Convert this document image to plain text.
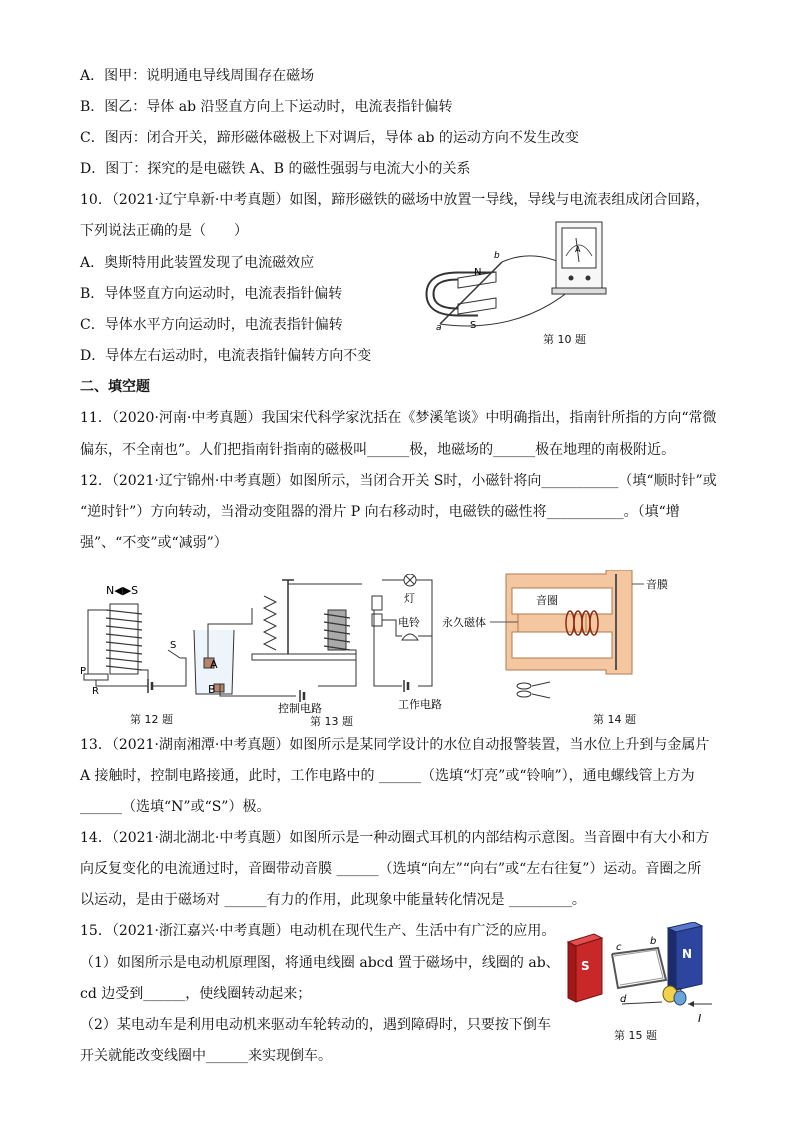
A．图甲：说明通电导线周围存在磁场
B．图乙：导体 ab 沿竖直方向上下运动时，电流表指针偏转
C．图丙：闭合开关，蹄形磁体磁极上下对调后，导体 ab 的运动方向不发生改变
D．图丁：探究的是电磁铁 A、B 的磁性强弱与电流大小的关系
10．（2021·辽宁阜新·中考真题）如图，蹄形磁铁的磁场中放置一导线，导线与电流表组成闭合回路，
下列说法正确的是（　　）
A．奥斯特用此装置发现了电流磁效应
B．导体竖直方向运动时，电流表指针偏转
C．导体水平方向运动时，电流表指针偏转
D．导体左右运动时，电流表指针偏转方向不变
N
S
a
b
A
第 10 题
二、填空题
11．（2020·河南·中考真题）我国宋代科学家沈括在《梦溪笔谈》中明确指出，指南针所指的方向“常微
偏东，不全南也”。人们把指南针指南的磁极叫______极，地磁场的______极在地理的南极附近。
12．（2021·辽宁锦州·中考真题）如图所示，当闭合开关 S时，小磁针将向___________（填“顺时针”或
“逆时针”）方向转动，当滑动变阻器的滑片 P 向右移动时，电磁铁的磁性将___________。（填“增
强”、“不变”或“减弱”）
N◀▶S
P
R
S
第 12 题
A
B
控制电路
灯
电铃
工作电路
第 13 题
音圈
音膜
永久磁体
第 14 题
13．（2021·湖南湘潭·中考真题）如图所示是某同学设计的水位自动报警装置，当水位上升到与金属片
A 接触时，控制电路接通，此时，工作电路中的 ______（选填“灯亮”或“铃响”），通电螺线管上方为
______（选填“N”或“S”）极。
14．（2021·湖北湖北·中考真题）如图所示是一种动圈式耳机的内部结构示意图。当音圈中有大小和方
向反复变化的电流通过时，音圈带动音膜 ______（选填“向左”“向右”或“左右往复”）运动。音圈之所
以运动，是由于磁场对 ______有力的作用，此现象中能量转化情况是 _________。
15．（2021·浙江嘉兴·中考真题）电动机在现代生产、生活中有广泛的应用。
（1）如图所示是电动机原理图，将通电线圈 abcd 置于磁场中，线圈的 ab、
cd 边受到______，使线圈转动起来；
（2）某电动车是利用电动机来驱动车轮转动的，遇到障碍时，只要按下倒车
开关就能改变线圈中______来实现倒车。
S
N
c
b
d
I
第 15 题
